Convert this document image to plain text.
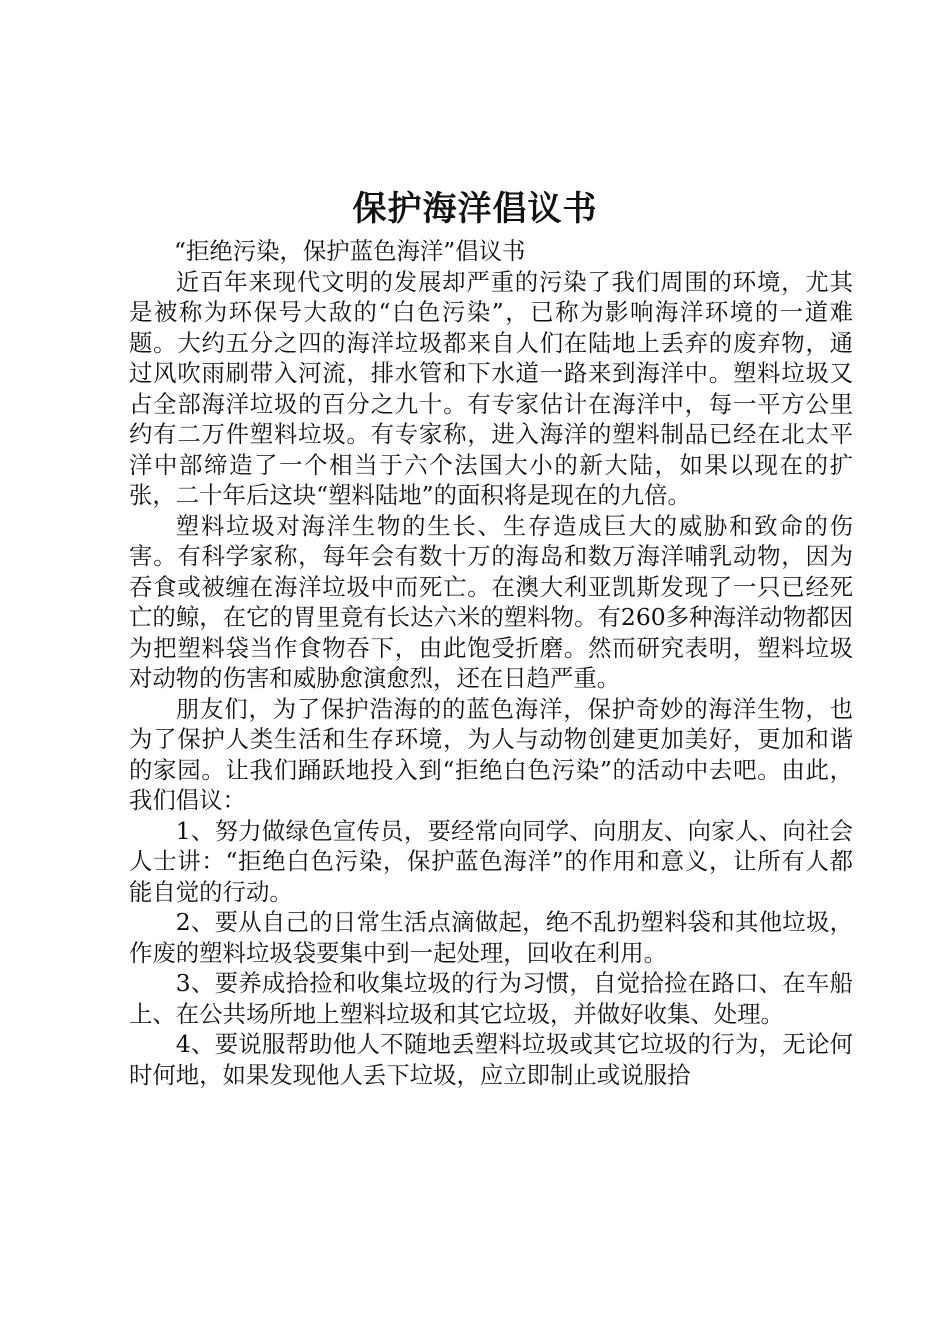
保护海洋倡议书

“拒绝污染，保护蓝色海洋”倡议书

近百年来现代文明的发展却严重的污染了我们周围的环境，尤其是被称为环保号大敌的“白色污染”，已称为影响海洋环境的一道难题。大约五分之四的海洋垃圾都来自人们在陆地上丢弃的废弃物，通过风吹雨刷带入河流，排水管和下水道一路来到海洋中。塑料垃圾又占全部海洋垃圾的百分之九十。有专家估计在海洋中，每一平方公里约有二万件塑料垃圾。有专家称，进入海洋的塑料制品已经在北太平洋中部缔造了一个相当于六个法国大小的新大陆，如果以现在的扩张，二十年后这块“塑料陆地”的面积将是现在的九倍。

塑料垃圾对海洋生物的生长、生存造成巨大的威胁和致命的伤害。有科学家称，每年会有数十万的海岛和数万海洋哺乳动物，因为吞食或被缠在海洋垃圾中而死亡。在澳大利亚凯斯发现了一只已经死亡的鲸，在它的胃里竟有长达六米的塑料物。有260多种海洋动物都因为把塑料袋当作食物吞下，由此饱受折磨。然而研究表明，塑料垃圾对动物的伤害和威胁愈演愈烈，还在日趋严重。

朋友们，为了保护浩海的的蓝色海洋，保护奇妙的海洋生物，也为了保护人类生活和生存环境，为人与动物创建更加美好，更加和谐的家园。让我们踊跃地投入到“拒绝白色污染”的活动中去吧。由此，我们倡议：

1、努力做绿色宣传员，要经常向同学、向朋友、向家人、向社会人士讲：“拒绝白色污染，保护蓝色海洋”的作用和意义，让所有人都能自觉的行动。

2、要从自己的日常生活点滴做起，绝不乱扔塑料袋和其他垃圾，作废的塑料垃圾袋要集中到一起处理，回收在利用。

3、要养成拾捡和收集垃圾的行为习惯，自觉拾捡在路口、在车船上、在公共场所地上塑料垃圾和其它垃圾，并做好收集、处理。

4、要说服帮助他人不随地丢塑料垃圾或其它垃圾的行为，无论何时何地，如果发现他人丢下垃圾，应立即制止或说服拾
